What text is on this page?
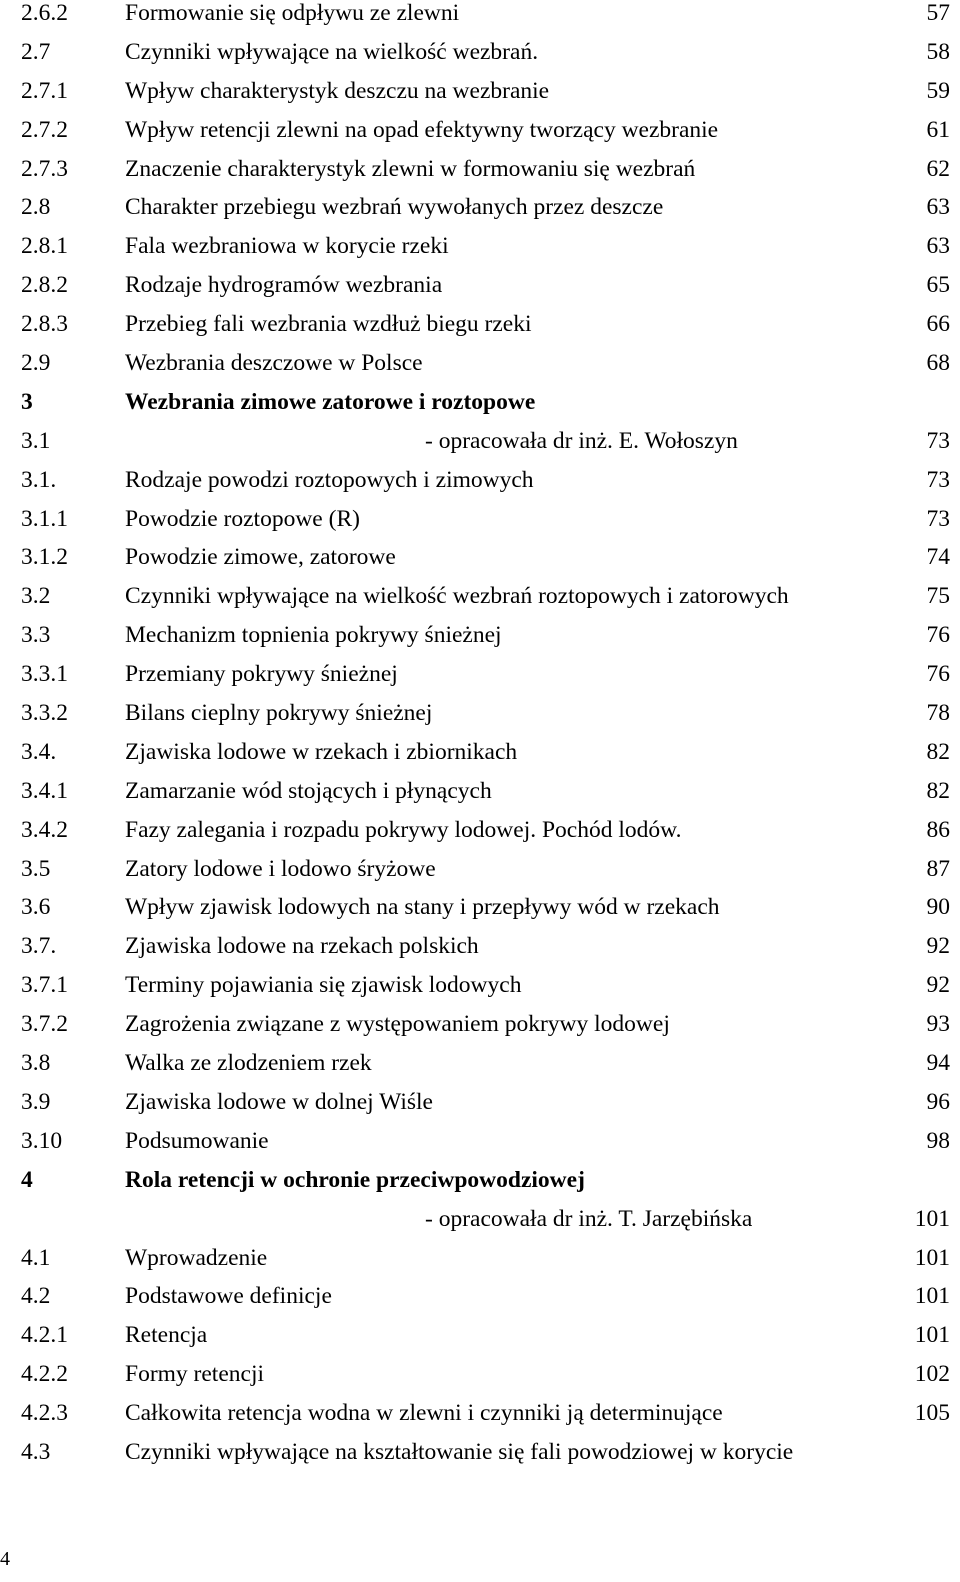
2.6.2 Formowanie się odpływu ze zlewni	57
2.7	Czynniki wpływające na wielkość wezbrań.	58
2.7.1 Wpływ charakterystyk deszczu na wezbranie	59
2.7.2 Wpływ retencji zlewni na opad efektywny tworzący wezbranie	61
2.7.3 Znaczenie charakterystyk zlewni w formowaniu się wezbrań	62
2.8	Charakter przebiegu wezbrań wywołanych przez deszcze	63
2.8.1 Fala wezbraniowa w korycie rzeki	63
2.8.2 Rodzaje hydrogramów wezbrania	65
2.8.3 Przebieg fali wezbrania wzdłuż biegu rzeki	66
2.9	Wezbrania deszczowe w Polsce	68
3	Wezbrania zimowe zatorowe i roztopowe
3.1	- opracowała dr inż. E. Wołoszyn	73
3.1.	Rodzaje powodzi roztopowych i zimowych	73
3.1.1 Powodzie roztopowe (R)	73
3.1.2 Powodzie zimowe, zatorowe	74
3.2	Czynniki wpływające na wielkość wezbrań roztopowych i zatorowych	75
3.3	Mechanizm topnienia pokrywy śnieżnej	76
3.3.1 Przemiany pokrywy śnieżnej	76
3.3.2 Bilans cieplny pokrywy śnieżnej	78
3.4.	Zjawiska lodowe w rzekach i zbiornikach	82
3.4.1 Zamarzanie wód stojących i płynących	82
3.4.2 Fazy zalegania i rozpadu pokrywy lodowej. Pochód lodów.	86
3.5	Zatory lodowe i lodowo śryżowe	87
3.6	Wpływ zjawisk lodowych na stany i przepływy wód w rzekach	90
3.7.	Zjawiska lodowe na rzekach polskich	92
3.7.1 Terminy pojawiania się zjawisk lodowych	92
3.7.2 Zagrożenia związane z występowaniem pokrywy lodowej	93
3.8	Walka ze zlodzeniem rzek	94
3.9	Zjawiska lodowe w dolnej Wiśle	96
3.10	Podsumowanie	98
4	Rola retencji w ochronie przeciwpowodziowej
- opracowała dr inż. T. Jarzębińska	101
4.1	Wprowadzenie	101
4.2	Podstawowe definicje	101
4.2.1 Retencja	101
4.2.2 Formy retencji	102
4.2.3 Całkowita retencja wodna w zlewni i czynniki ją determinujące	105
4.3	Czynniki wpływające na kształtowanie się fali powodziowej w korycie
4
